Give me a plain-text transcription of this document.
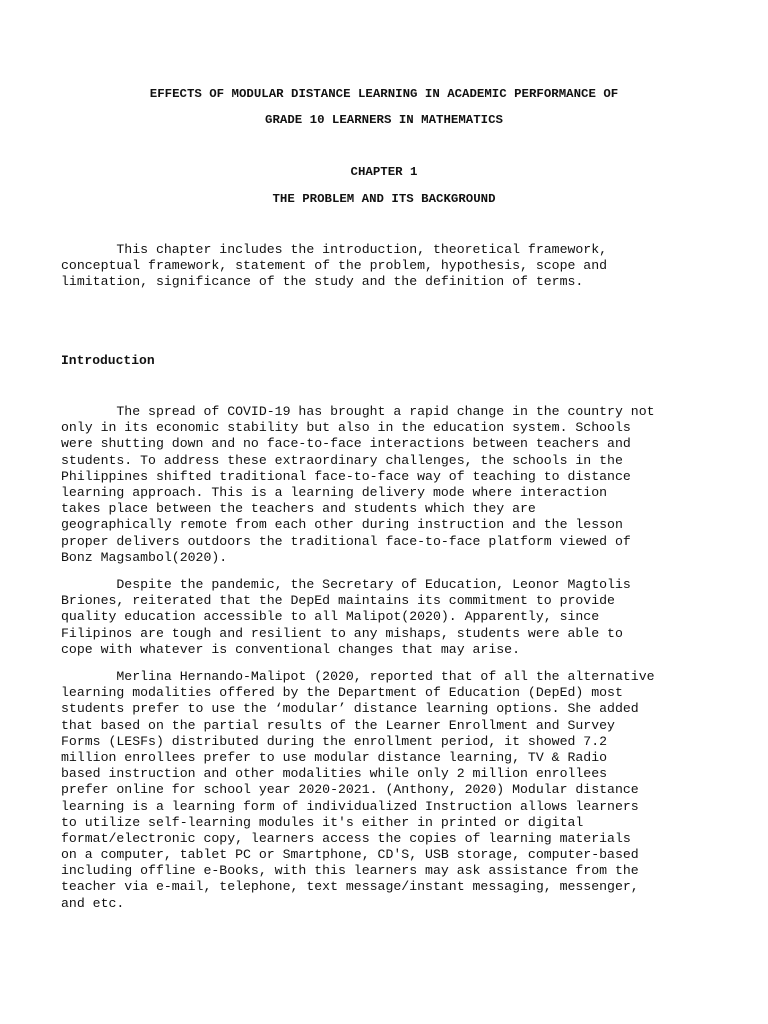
EFFECTS OF MODULAR DISTANCE LEARNING IN ACADEMIC PERFORMANCE OF
GRADE 10 LEARNERS IN MATHEMATICS
CHAPTER 1
THE PROBLEM AND ITS BACKGROUND
This chapter includes the introduction, theoretical framework,
conceptual framework, statement of the problem, hypothesis, scope and
limitation, significance of the study and the definition of terms.
Introduction
The spread of COVID-19 has brought a rapid change in the country not
only in its economic stability but also in the education system. Schools
were shutting down and no face-to-face interactions between teachers and
students. To address these extraordinary challenges, the schools in the
Philippines shifted traditional face-to-face way of teaching to distance
learning approach. This is a learning delivery mode where interaction
takes place between the teachers and students which they are
geographically remote from each other during instruction and the lesson
proper delivers outdoors the traditional face-to-face platform viewed of
Bonz Magsambol(2020).
Despite the pandemic, the Secretary of Education, Leonor Magtolis
Briones, reiterated that the DepEd maintains its commitment to provide
quality education accessible to all Malipot(2020). Apparently, since
Filipinos are tough and resilient to any mishaps, students were able to
cope with whatever is conventional changes that may arise.
Merlina Hernando-Malipot (2020, reported that of all the alternative
learning modalities offered by the Department of Education (DepEd) most
students prefer to use the ‘modular’ distance learning options. She added
that based on the partial results of the Learner Enrollment and Survey
Forms (LESFs) distributed during the enrollment period, it showed 7.2
million enrollees prefer to use modular distance learning, TV & Radio
based instruction and other modalities while only 2 million enrollees
prefer online for school year 2020-2021. (Anthony, 2020) Modular distance
learning is a learning form of individualized Instruction allows learners
to utilize self-learning modules it's either in printed or digital
format/electronic copy, learners access the copies of learning materials
on a computer, tablet PC or Smartphone, CD'S, USB storage, computer-based
including offline e-Books, with this learners may ask assistance from the
teacher via e-mail, telephone, text message/instant messaging, messenger,
and etc.
